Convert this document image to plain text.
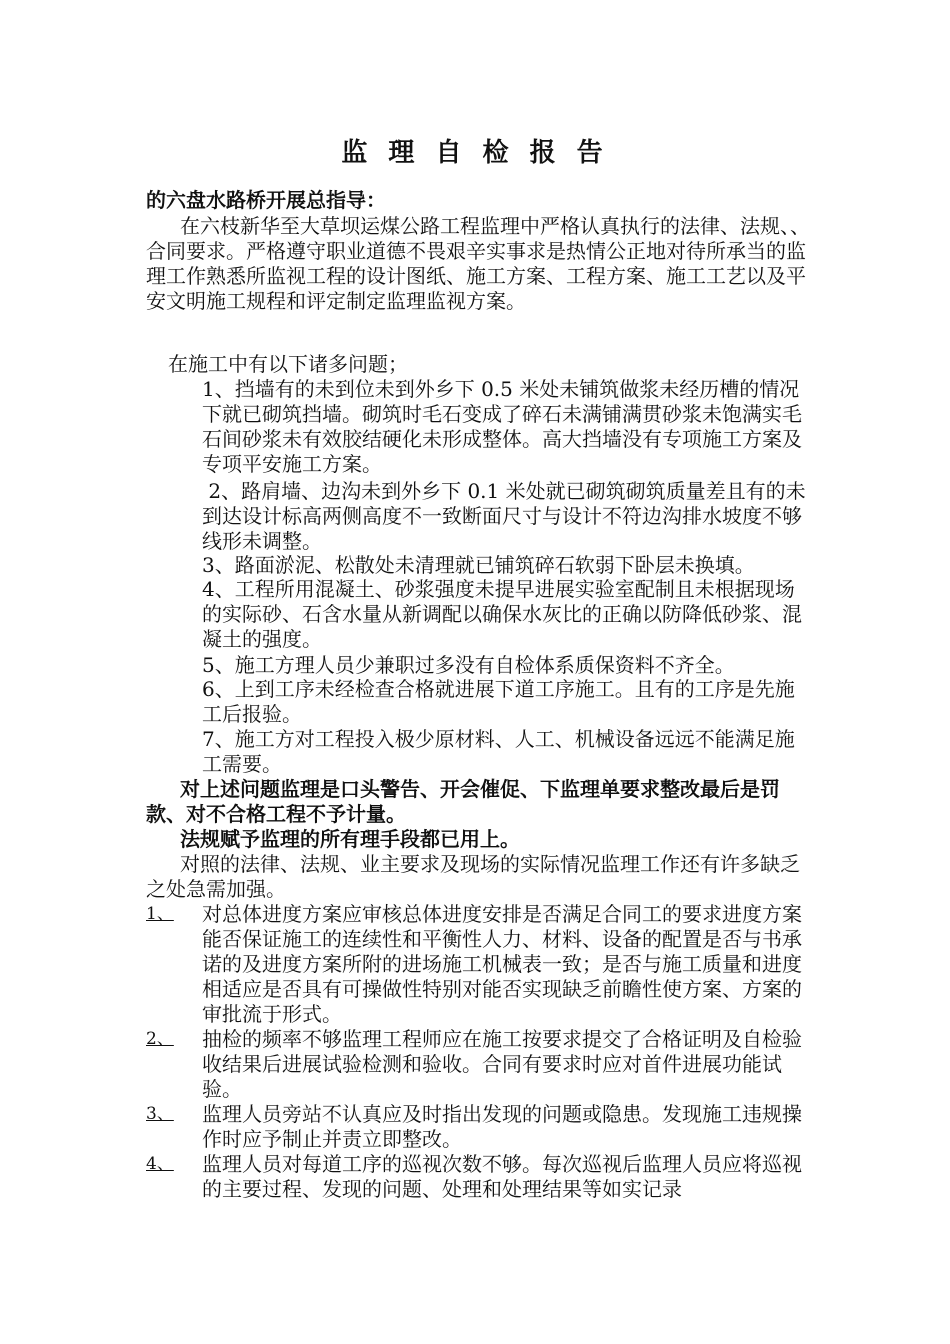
监 理 自 检 报 告
的六盘水路桥开展总指导：

在六枝新华至大草坝运煤公路工程监理中严格认真执行的法律、法规、、合同要求。严格遵守职业道德不畏艰辛实事求是热情公正地对待所承当的监理工作熟悉所监视工程的设计图纸、施工方案、工程方案、施工工艺以及平安文明施工规程和评定制定监理监视方案。

在施工中有以下诸多问题；

1、挡墙有的未到位未到外乡下 0.5 米处未铺筑做浆未经历槽的情况下就已砌筑挡墙。砌筑时毛石变成了碎石未满铺满贯砂浆未饱满实毛石间砂浆未有效胶结硬化未形成整体。高大挡墙没有专项施工方案及专项平安施工方案。

2、路肩墙、边沟未到外乡下 0.1 米处就已砌筑砌筑质量差且有的未到达设计标高两侧高度不一致断面尺寸与设计不符边沟排水坡度不够线形未调整。

3、路面淤泥、松散处未清理就已铺筑碎石软弱下卧层未换填。

4、工程所用混凝土、砂浆强度未提早进展实验室配制且未根据现场的实际砂、石含水量从新调配以确保水灰比的正确以防降低砂浆、混凝土的强度。

5、施工方理人员少兼职过多没有自检体系质保资料不齐全。

6、上到工序未经检查合格就进展下道工序施工。且有的工序是先施工后报验。

7、施工方对工程投入极少原材料、人工、机械设备远远不能满足施工需要。

对上述问题监理是口头警告、开会催促、下监理单要求整改最后是罚款、对不合格工程不予计量。

法规赋予监理的所有理手段都已用上。

对照的法律、法规、业主要求及现场的实际情况监理工作还有许多缺乏之处急需加强。

1、	对总体进度方案应审核总体进度安排是否满足合同工的要求进度方案能否保证施工的连续性和平衡性人力、材料、设备的配置是否与书承诺的及进度方案所附的进场施工机械表一致；是否与施工质量和进度相适应是否具有可操做性特别对能否实现缺乏前瞻性使方案、方案的审批流于形式。
2、	抽检的频率不够监理工程师应在施工按要求提交了合格证明及自检验收结果后进展试验检测和验收。合同有要求时应对首件进展功能试验。
3、	监理人员旁站不认真应及时指出发现的问题或隐患。发现施工违规操作时应予制止并责立即整改。
4、	监理人员对每道工序的巡视次数不够。每次巡视后监理人员应将巡视的主要过程、发现的问题、处理和处理结果等如实记录
